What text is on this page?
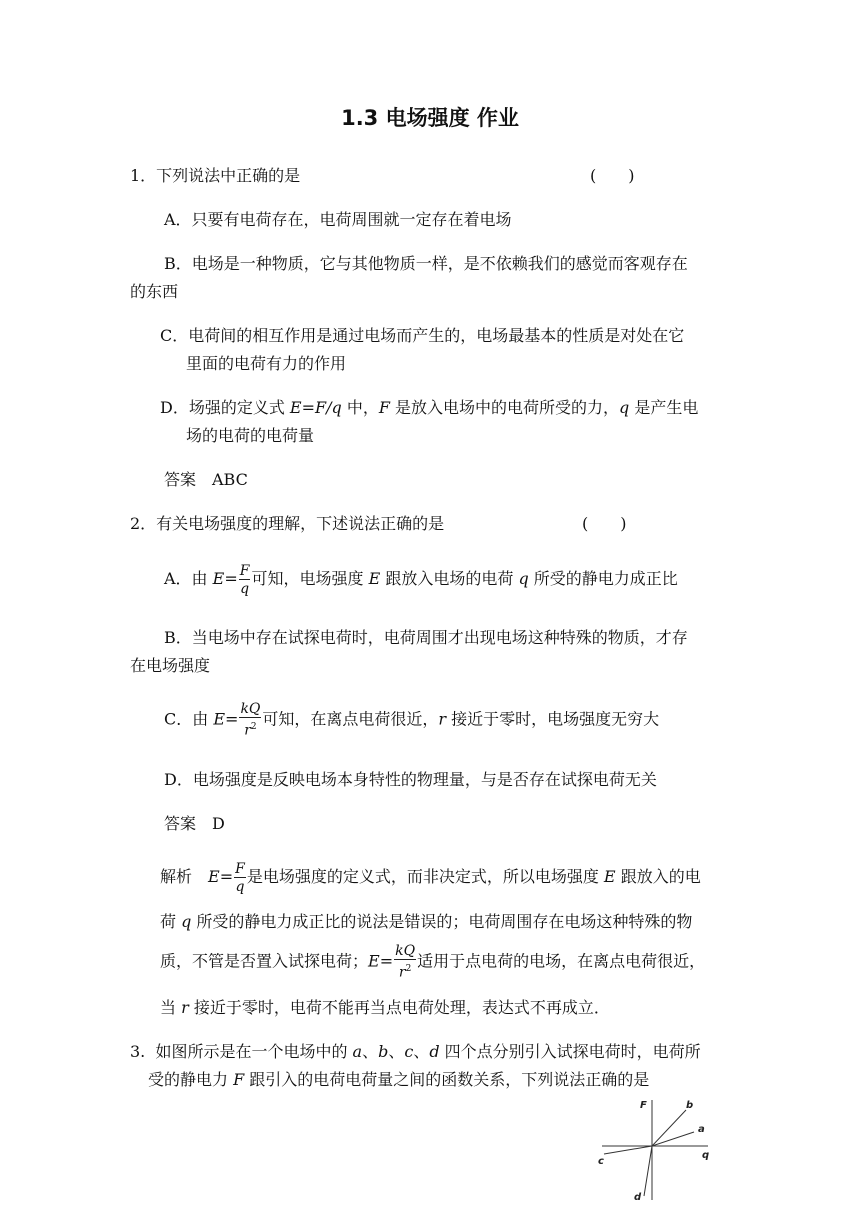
1.3 电场强度 作业
1．下列说法中正确的是	(　　)
A．只要有电荷存在，电荷周围就一定存在着电场
B．电场是一种物质，它与其他物质一样，是不依赖我们的感觉而客观存在
的东西
C．电荷间的相互作用是通过电场而产生的，电场最基本的性质是对处在它
里面的电荷有力的作用
D．场强的定义式 E=F/q 中，F 是放入电场中的电荷所受的力，q 是产生电
场的电荷的电荷量
答案　ABC
2．有关电场强度的理解，下述说法正确的是	(　　)
A．由 $E= \frac{F}{q}$ 可知，电场强度 E 跟放入电场的电荷 q 所受的静电力成正比
B．当电场中存在试探电荷时，电荷周围才出现电场这种特殊的物质，才存
在电场强度
C．由 $E= \frac{kQ}{r^2}$ 可知，在离点电荷很近，r 接近于零时，电场强度无穷大
D．电场强度是反映电场本身特性的物理量，与是否存在试探电荷无关
答案　D
解析　$E= \frac{F}{q}$ 是电场强度的定义式，而非决定式，所以电场强度 E 跟放入的电
荷 q 所受的静电力成正比的说法是错误的；电荷周围存在电场这种特殊的物
质，不管是否置入试探电荷；$E= \frac{kQ}{r^2}$ 适用于点电荷的电场，在离点电荷很近，
当 r 接近于零时，电荷不能再当点电荷处理，表达式不再成立．
3. 如图所示是在一个电场中的 a、b、c、d 四个点分别引入试探电荷时，电荷所
受的静电力 F 跟引入的电荷电荷量之间的函数关系，下列说法正确的是
F
q
b
a
c
d
